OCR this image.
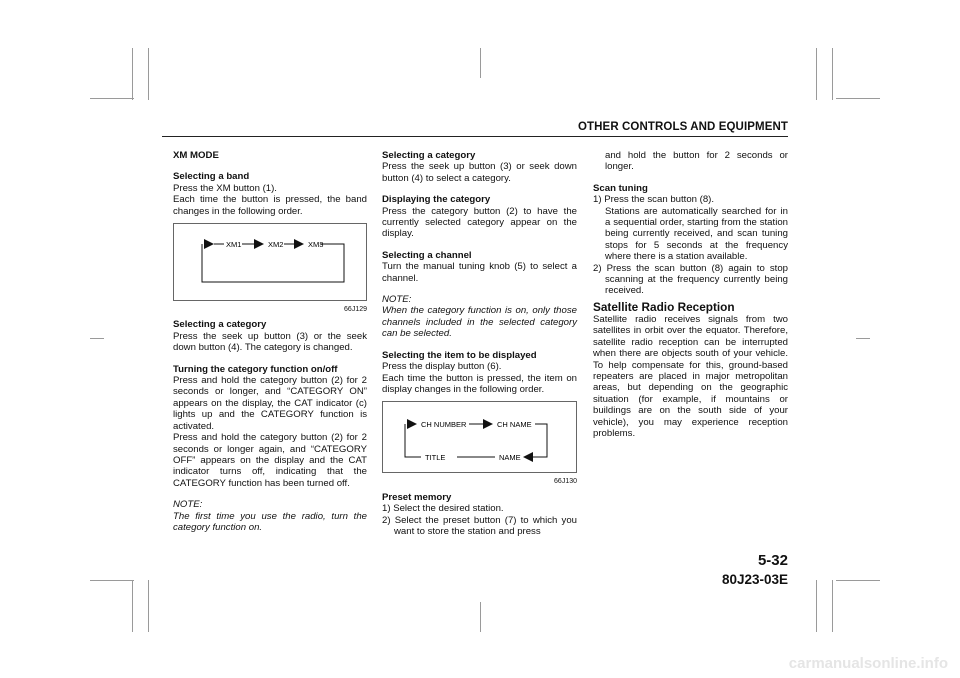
OTHER CONTROLS AND EQUIPMENT
5-32
80J23-03E

XM MODE

Selecting a band

Press the XM button (1).
Each time the button is pressed, the band changes in the following order.

XM1	XM2	XM3

66J129

Selecting a category

Press the seek up button (3) or the seek down button (4). The category is changed.

Turning the category function on/off

Press and hold the category button (2) for 2 seconds or longer, and “CATEGORY ON” appears on the display, the CAT indicator (c) lights up and the CATEGORY function is activated.

Press and hold the category button (2) for 2 seconds or longer again, and “CATEGORY OFF” appears on the display and the CAT indicator turns off, indicating that the CATEGORY function has been turned off.

NOTE:

The first time you use the radio, turn the category function on.

Selecting a category

Press the seek up button (3) or seek down button (4) to select a category.

Displaying the category

Press the category button (2) to have the currently selected category appear on the display.

Selecting a channel

Turn the manual tuning knob (5) to select a channel.

NOTE:

When the category function is on, only those channels included in the selected category can be selected.

Selecting the item to be displayed

Press the display button (6).
Each time the button is pressed, the item on display changes in the following order.

CH NUMBER	CH NAME
NAME
TITLE

66J130

Preset memory

1) Select the desired station.

2) Select the preset button (7) to which you want to store the station and press

and hold the button for 2 seconds or longer.

Scan tuning

1) Press the scan button (8).
Stations are automatically searched for in a sequential order, starting from the station being currently received, and scan tuning stops for 5 seconds at the frequency where there is a station available.

2) Press the scan button (8) again to stop scanning at the frequency currently being received.

Satellite Radio Reception

Satellite radio receives signals from two satellites in orbit over the equator. Therefore, satellite radio reception can be interrupted when there are objects south of your vehicle. To help compensate for this, ground-based repeaters are placed in major metropolitan areas, but depending on the geographic situation (for example, if mountains or buildings are on the south side of your vehicle), you may experience reception problems.

carmanualsonline.info
